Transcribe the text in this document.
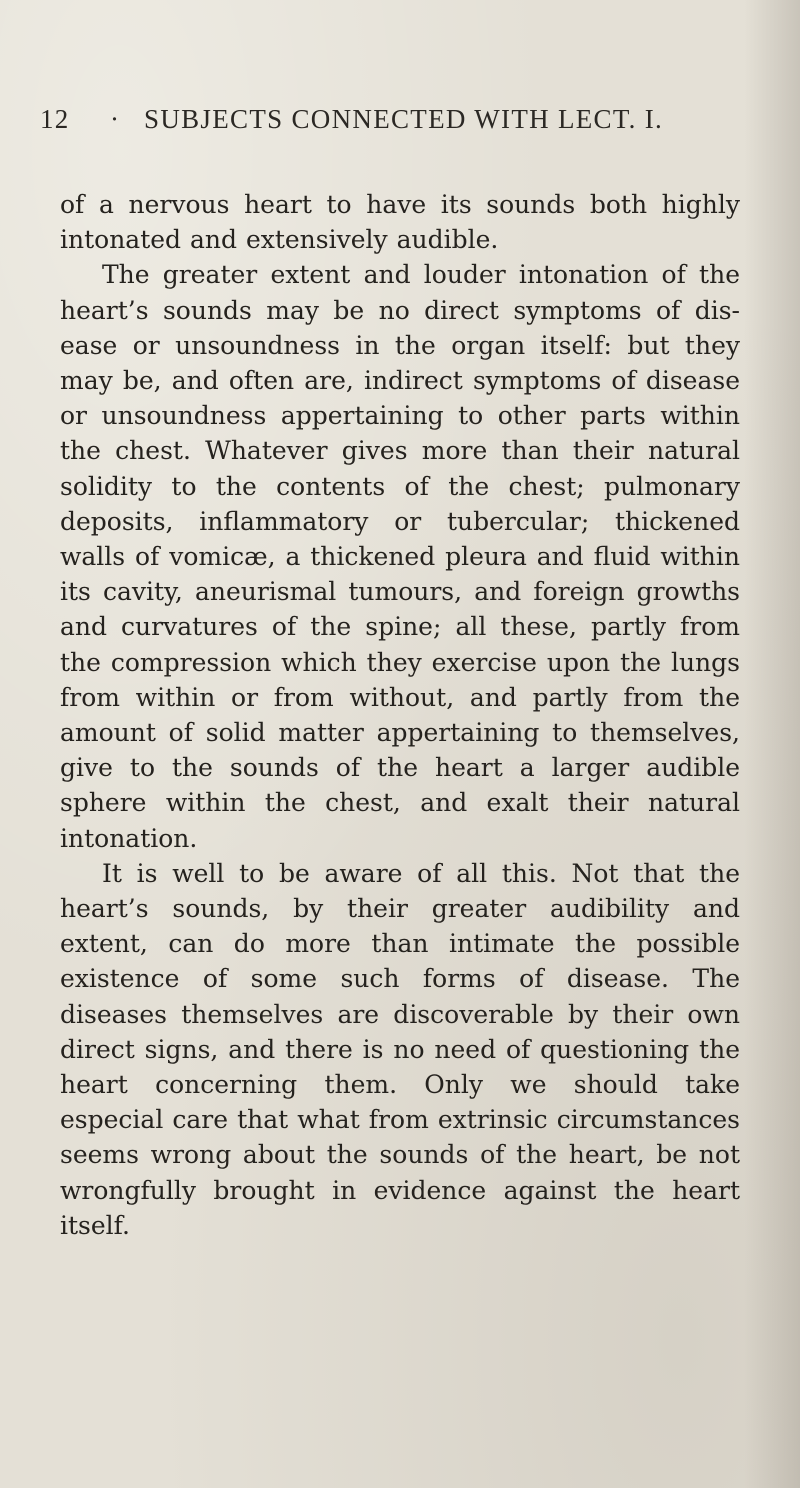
12 · SUBJECTS CONNECTED WITH LECT. I.

of a nervous heart to have its sounds both highly intonated and extensively audible.

The greater extent and louder intonation of the heart’s sounds may be no direct symptoms of disease or unsoundness in the organ itself: but they may be, and often are, indirect symptoms of disease or unsoundness appertaining to other parts within the chest. Whatever gives more than their natural solidity to the contents of the chest; pulmonary deposits, inflammatory or tubercular; thickened walls of vomicæ, a thickened pleura and fluid within its cavity, aneurismal tumours, and foreign growths and curvatures of the spine; all these, partly from the compression which they exercise upon the lungs from within or from without, and partly from the amount of solid matter appertaining to themselves, give to the sounds of the heart a larger audible sphere within the chest, and exalt their natural intonation.

It is well to be aware of all this. Not that the heart’s sounds, by their greater audibility and extent, can do more than intimate the possible existence of some such forms of disease. The diseases themselves are discoverable by their own direct signs, and there is no need of questioning the heart concerning them. Only we should take especial care that what from extrinsic circumstances seems wrong about the sounds of the heart, be not wrongfully brought in evidence against the heart itself.
